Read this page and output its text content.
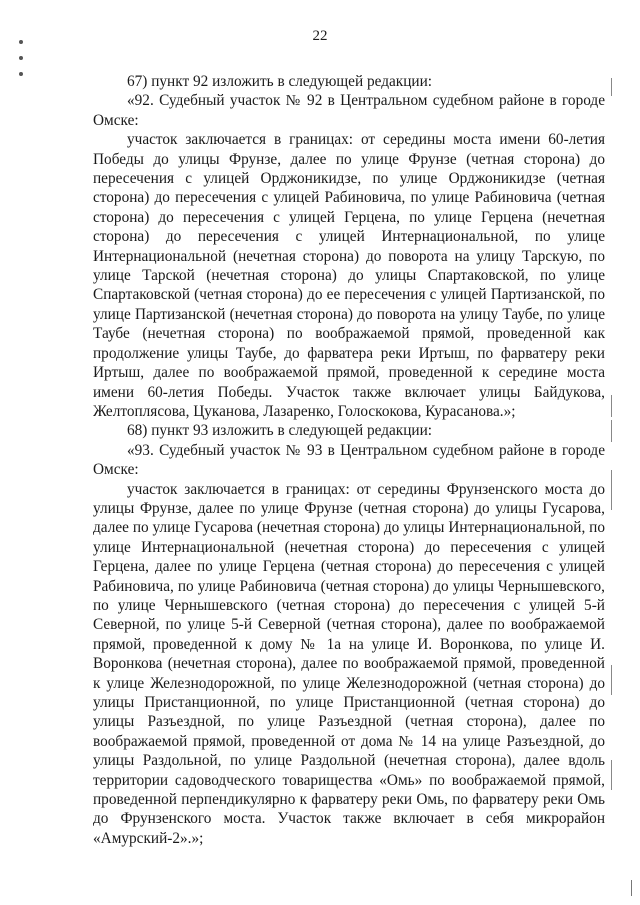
22

67) пункт 92 изложить в следующей редакции:

«92. Судебный участок № 92 в Центральном судебном районе в городе Омске:

участок заключается в границах: от середины моста имени 60-летия Победы до улицы Фрунзе, далее по улице Фрунзе (четная сторона) до пересечения с улицей Орджоникидзе, по улице Орджоникидзе (четная сторона) до пересечения с улицей Рабиновича, по улице Рабиновича (четная сторона) до пересечения с улицей Герцена, по улице Герцена (нечетная сторона) до пересечения с улицей Интернациональной, по улице Интернациональной (нечетная сторона) до поворота на улицу Тарскую, по улице Тарской (нечетная сторона) до улицы Спартаковской, по улице Спартаковской (четная сторона) до ее пересечения с улицей Партизанской, по улице Партизанской (нечетная сторона) до поворота на улицу Таубе, по улице Таубе (нечетная сторона) по воображаемой прямой, проведенной как продолжение улицы Таубе, до фарватера реки Иртыш, по фарватеру реки Иртыш, далее по воображаемой прямой, проведенной к середине моста имени 60-летия Победы. Участок также включает улицы Байдукова, Желтоплясова, Цуканова, Лазаренко, Голоскокова, Курасанова.»;

68) пункт 93 изложить в следующей редакции:

«93. Судебный участок № 93 в Центральном судебном районе в городе Омске:

участок заключается в границах: от середины Фрунзенского моста до улицы Фрунзе, далее по улице Фрунзе (четная сторона) до улицы Гусарова, далее по улице Гусарова (нечетная сторона) до улицы Интернациональной, по улице Интернациональной (нечетная сторона) до пересечения с улицей Герцена, далее по улице Герцена (четная сторона) до пересечения с улицей Рабиновича, по улице Рабиновича (четная сторона) до улицы Чернышевского, по улице Чернышевского (четная сторона) до пересечения с улицей 5-й Северной, по улице 5-й Северной (четная сторона), далее по воображаемой прямой, проведенной к дому № 1а на улице И. Воронкова, по улице И. Воронкова (нечетная сторона), далее по воображаемой прямой, проведенной к улице Железнодорожной, по улице Железнодорожной (четная сторона) до улицы Пристанционной, по улице Пристанционной (четная сторона) до улицы Разъездной, по улице Разъездной (четная сторона), далее по воображаемой прямой, проведенной от дома № 14 на улице Разъездной, до улицы Раздольной, по улице Раздольной (нечетная сторона), далее вдоль территории садоводческого товарищества «Омь» по воображаемой прямой, проведенной перпендикулярно к фарватеру реки Омь, по фарватеру реки Омь до Фрунзенского моста. Участок также включает в себя микрорайон «Амурский-2».»;
